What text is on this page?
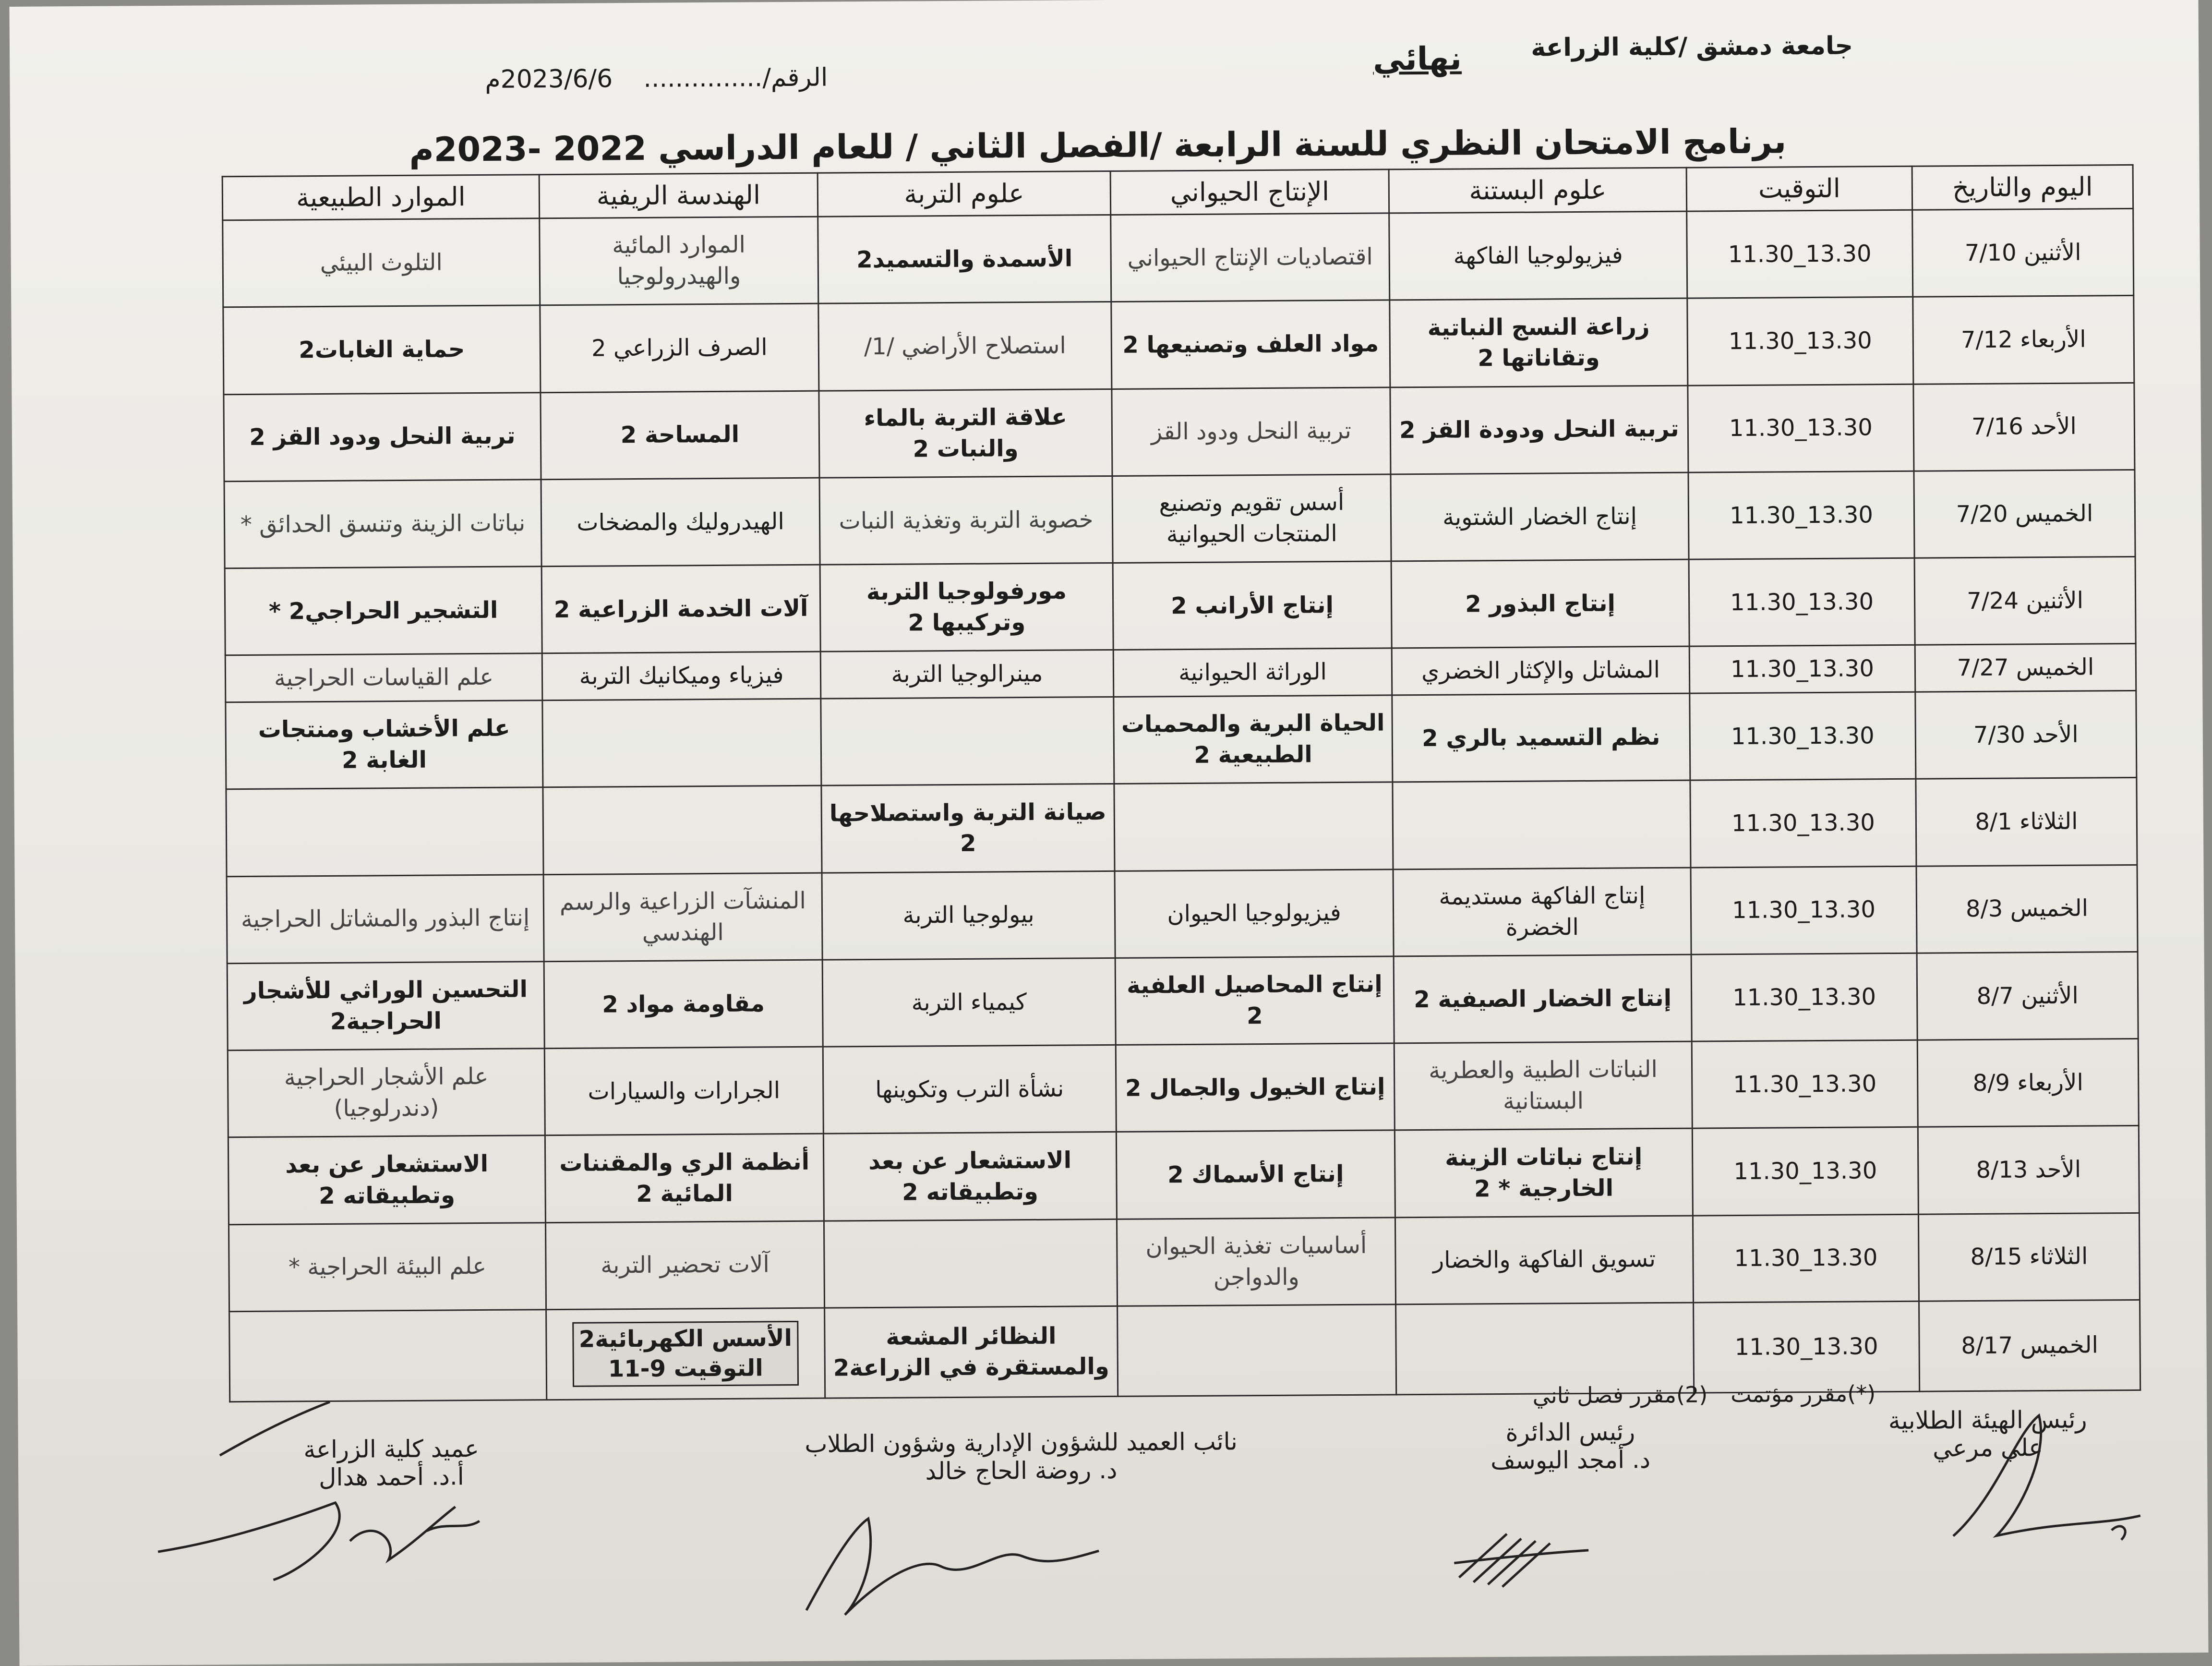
جامعة دمشق /كلية الزراعة
نهائي
الرقم/...............
2023/6/6م
برنامج الامتحان النظري للسنة الرابعة /الفصل الثاني / للعام الدراسي 2022 -2023م
اليوم والتاريخ	التوقيت	علوم البستنة	الإنتاج الحيواني	علوم التربة	الهندسة الريفية	الموارد الطبيعية
الأثنين 7/10	11.30_13.30	فيزيولوجيا الفاكهة	اقتصاديات الإنتاج الحيواني	الأسمدة والتسميد2	الموارد المائية والهيدرولوجيا	التلوث البيئي
الأربعاء 7/12	11.30_13.30	زراعة النسج النباتية وتقاناتها 2	مواد العلف وتصنيعها 2	استصلاح الأراضي /1/	الصرف الزراعي 2	حماية الغابات2
الأحد 7/16	11.30_13.30	تربية النحل ودودة القز 2	تربية النحل ودود القز	علاقة التربة بالماء والنبات 2	المساحة 2	تربية النحل ودود القز 2
الخميس 7/20	11.30_13.30	إنتاج الخضار الشتوية	أسس تقويم وتصنيع المنتجات الحيوانية	خصوبة التربة وتغذية النبات	الهيدروليك والمضخات	نباتات الزينة وتنسق الحدائق *
الأثنين 7/24	11.30_13.30	إنتاج البذور 2	إنتاج الأرانب 2	مورفولوجيا التربة وتركيبها 2	آلات الخدمة الزراعية 2	التشجير الحراجي2 *
الخميس 7/27	11.30_13.30	المشاتل والإكثار الخضري	الوراثة الحيوانية	مينرالوجيا التربة	فيزياء وميكانيك التربة	علم القياسات الحراجية
الأحد 7/30	11.30_13.30	نظم التسميد بالري 2	الحياة البرية والمحميات الطبيعية 2			علم الأخشاب ومنتجات الغابة 2
الثلاثاء 8/1	11.30_13.30			صيانة التربة واستصلاحها 2		
الخميس 8/3	11.30_13.30	إنتاج الفاكهة مستديمة الخضرة	فيزيولوجيا الحيوان	بيولوجيا التربة	المنشآت الزراعية والرسم الهندسي	إنتاج البذور والمشاتل الحراجية
الأثنين 8/7	11.30_13.30	إنتاج الخضار الصيفية 2	إنتاج المحاصيل العلفية 2	كيمياء التربة	مقاومة مواد 2	التحسين الوراثي للأشجار الحراجية2
الأربعاء 8/9	11.30_13.30	النباتات الطبية والعطرية البستانية	إنتاج الخيول والجمال 2	نشأة الترب وتكوينها	الجرارات والسيارات	علم الأشجار الحراجية (دندرلوجيا)
الأحد 8/13	11.30_13.30	إنتاج نباتات الزينة الخارجية * 2	إنتاج الأسماك 2	الاستشعار عن بعد وتطبيقاته 2	أنظمة الري والمقننات المائية 2	الاستشعار عن بعد وتطبيقاته 2
الثلاثاء 8/15	11.30_13.30	تسويق الفاكهة والخضار	أساسيات تغذية الحيوان والدواجن		آلات تحضير التربة	علم البيئة الحراجية *
الخميس 8/17	11.30_13.30			النظائر المشعة والمستقرة في الزراعة2	الأسس الكهربائية2
التوقيت 9-11	
(*)مقرر مؤتمت
(2)مقرر فصل ثاني
رئيس الهيئة الطلابية
علي مرعي
رئيس الدائرة
د. أمجد اليوسف
نائب العميد للشؤون الإدارية وشؤون الطلاب
د. روضة الحاج خالد
عميد كلية الزراعة
أ.د. أحمد هدال
